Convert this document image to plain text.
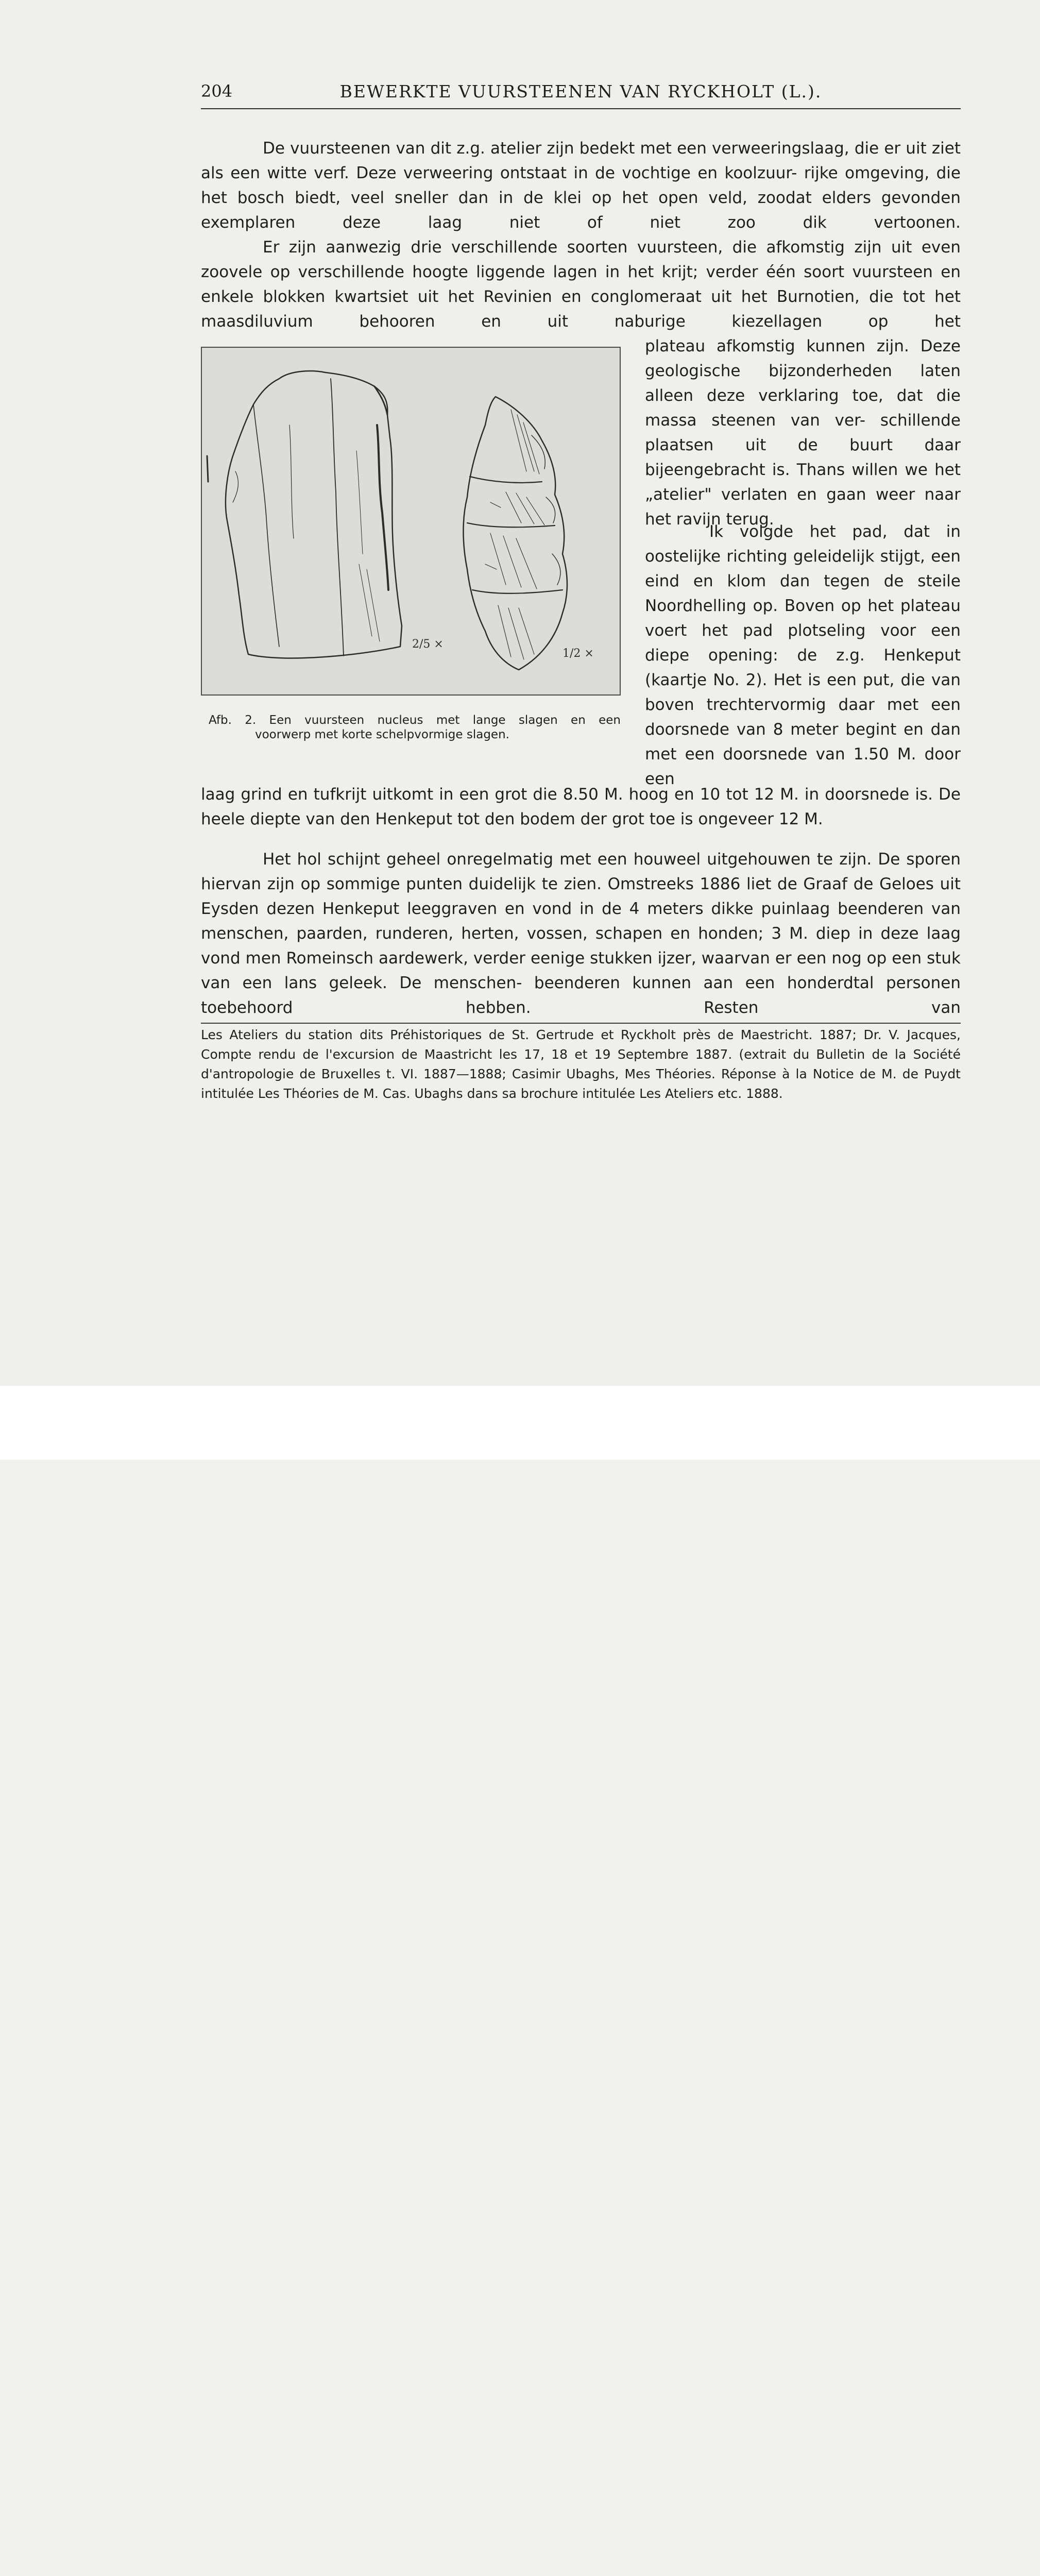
204	BEWERKTE VUURSTEENEN VAN RYCKHOLT (L.).

De vuursteenen van dit z.g. atelier zijn bedekt met een verweeringslaag, die er uit ziet als een witte verf. Deze verweering ontstaat in de vochtige en koolzuur- rijke omgeving, die het bosch biedt, veel sneller dan in de klei op het open veld, zoodat elders gevonden exemplaren deze laag niet of niet zoo dik vertoonen.

Er zijn aanwezig drie verschillende soorten vuursteen, die afkomstig zijn uit even zoovele op verschillende hoogte liggende lagen in het krijt; verder één soort vuursteen en enkele blokken kwartsiet uit het Revinien en conglomeraat uit het Burnotien, die tot het maasdiluvium behooren en uit naburige kiezellagen op het

plateau afkomstig kunnen zijn. Deze geologische bijzonderheden laten alleen deze verklaring toe, dat die massa steenen van ver- schillende plaatsen uit de buurt daar bijeengebracht is. Thans willen we het „atelier" verlaten en gaan weer naar het ravijn terug.

Ik volgde het pad, dat in oostelijke richting geleidelijk stijgt, een eind en klom dan tegen de steile Noordhelling op. Boven op het plateau voert het pad plotseling voor een diepe opening: de z.g. Henkeput (kaartje No. 2). Het is een put, die van boven trechtervormig daar met een doorsnede van 8 meter begint en dan met een doorsnede van 1.50 M. door een

2/5 ×
1/2 ×
Afb. 2. Een vuursteen nucleus met lange slagen en een
voorwerp met korte schelpvormige slagen.

laag grind en tufkrijt uitkomt in een grot die 8.50 M. hoog en 10 tot 12 M. in doorsnede is. De heele diepte van den Henkeput tot den bodem der grot toe is ongeveer 12 M.

Het hol schijnt geheel onregelmatig met een houweel uitgehouwen te zijn. De sporen hiervan zijn op sommige punten duidelijk te zien. Omstreeks 1886 liet de Graaf de Geloes uit Eysden dezen Henkeput leeggraven en vond in de 4 meters dikke puinlaag beenderen van menschen, paarden, runderen, herten, vossen, schapen en honden; 3 M. diep in deze laag vond men Romeinsch aardewerk, verder eenige stukken ijzer, waarvan er een nog op een stuk van een lans geleek. De menschen- beenderen kunnen aan een honderdtal personen toebehoord hebben. Resten van

Les Ateliers du station dits Préhistoriques de St. Gertrude et Ryckholt près de Maestricht. 1887; Dr. V. Jacques, Compte rendu de l'excursion de Maastricht les 17, 18 et 19 Septembre 1887. (extrait du Bulletin de la Société d'antropologie de Bruxelles t. VI. 1887—1888; Casimir Ubaghs, Mes Théories. Réponse à la Notice de M. de Puydt intitulée Les Théories de M. Cas. Ubaghs dans sa brochure intitulée Les Ateliers etc. 1888.
